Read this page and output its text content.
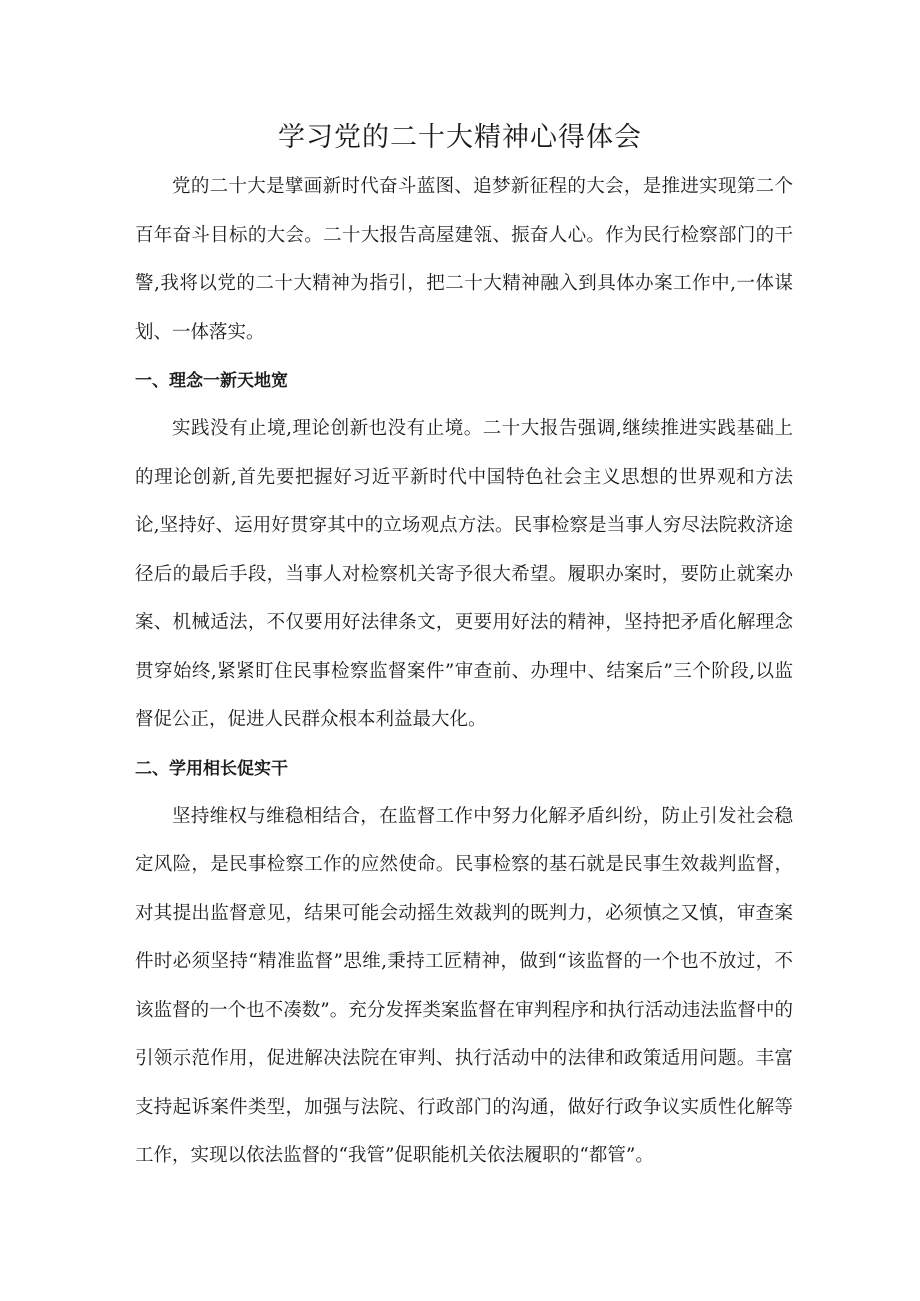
学习党的二十大精神心得体会

党的二十大是擘画新时代奋斗蓝图、追梦新征程的大会，是推进实现第二个百年奋斗目标的大会。二十大报告高屋建瓴、振奋人心。作为民行检察部门的干警,我将以党的二十大精神为指引，把二十大精神融入到具体办案工作中,一体谋划、一体落实。

一、理念一新天地宽

实践没有止境,理论创新也没有止境。二十大报告强调,继续推进实践基础上的理论创新,首先要把握好习近平新时代中国特色社会主义思想的世界观和方法论,坚持好、运用好贯穿其中的立场观点方法。民事检察是当事人穷尽法院救济途径后的最后手段，当事人对检察机关寄予很大希望。履职办案时，要防止就案办案、机械适法，不仅要用好法律条文，更要用好法的精神，坚持把矛盾化解理念贯穿始终,紧紧盯住民事检察监督案件”审查前、办理中、结案后”三个阶段,以监督促公正，促进人民群众根本利益最大化。

二、学用相长促实干

坚持维权与维稳相结合，在监督工作中努力化解矛盾纠纷，防止引发社会稳定风险，是民事检察工作的应然使命。民事检察的基石就是民事生效裁判监督，对其提出监督意见，结果可能会动摇生效裁判的既判力，必须慎之又慎，审查案件时必须坚持“精准监督”思维,秉持工匠精神，做到“该监督的一个也不放过，不该监督的一个也不凑数”。充分发挥类案监督在审判程序和执行活动违法监督中的引领示范作用，促进解决法院在审判、执行活动中的法律和政策适用问题。丰富支持起诉案件类型，加强与法院、行政部门的沟通，做好行政争议实质性化解等工作，实现以依法监督的“我管”促职能机关依法履职的“都管”。
